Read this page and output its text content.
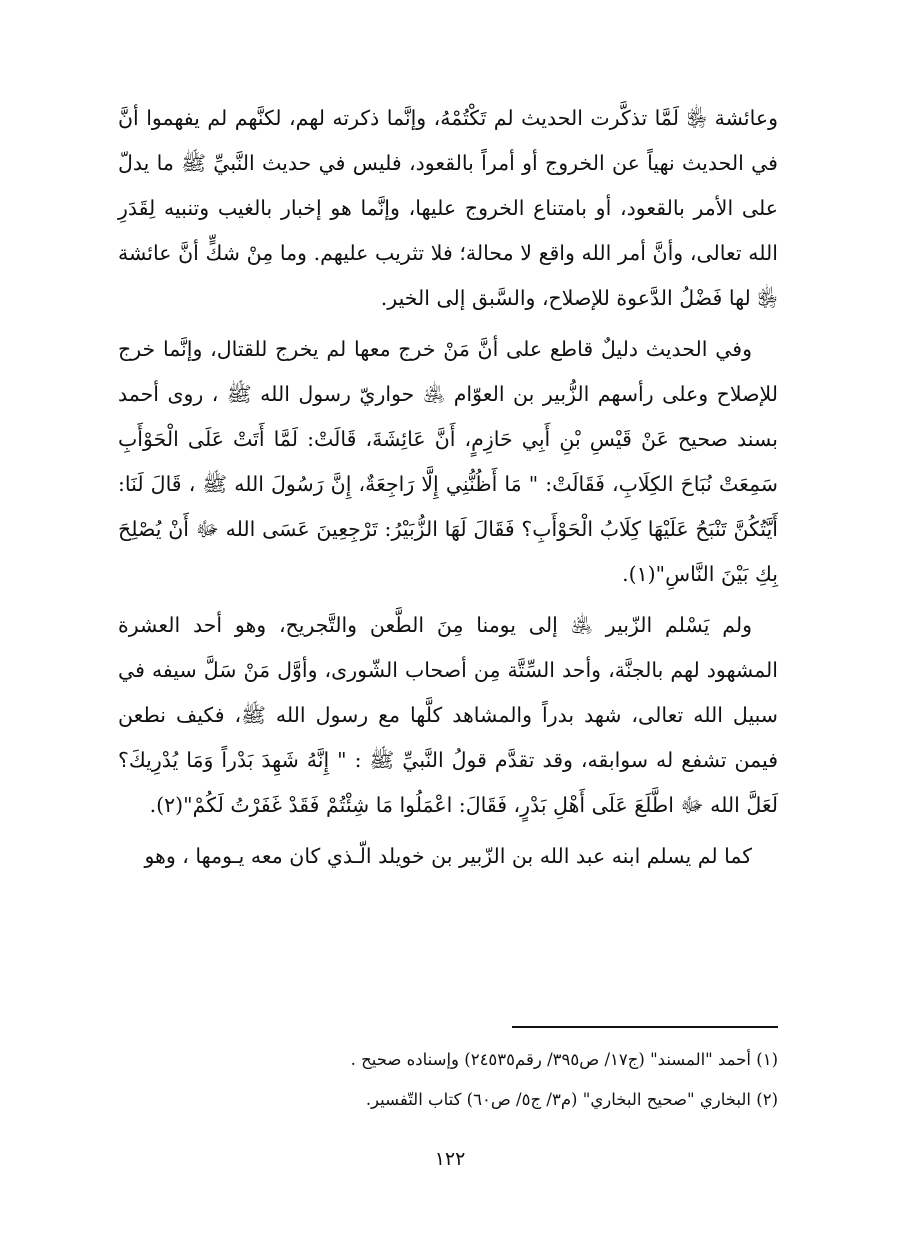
وعائشة ﵂ لَمَّا تذكَّرت الحديث لم تَكْتُمْهُ، وإنَّما ذكرته لهم، لكنَّهم لم يفهموا أنَّ في الحديث نهياً عن الخروج أو أمراً بالقعود، فليس في حديث النَّبيِّ ﷺ ما يدلّ على الأمر بالقعود، أو بامتناع الخروج عليها، وإنَّما هو إخبار بالغيب وتنبيه لِقَدَرِ الله تعالى، وأنَّ أمر الله واقع لا محالة؛ فلا تثريب عليهم. وما مِنْ شكٍّ أنَّ عائشة ﵂ لها فَضْلُ الدَّعوة للإصلاح، والسَّبق إلى الخير.

وفي الحديث دليلٌ قاطع على أنَّ مَنْ خرج معها لم يخرج للقتال، وإنَّما خرج للإصلاح وعلى رأسهم الزُّبير بن العوّام ﵁ حواريّ رسول الله ﷺ ، روى أحمد بسند صحيح عَنْ قَيْسِ بْنِ أَبِي حَازِمٍ، أَنَّ عَائِشَةَ، قَالَتْ: لَمَّا أَتَتْ عَلَى الْحَوْأَبِ سَمِعَتْ نُبَاحَ الكِلَابِ، فَقَالَتْ: " مَا أَظُنُّنِي إِلَّا رَاجِعَةٌ، إِنَّ رَسُولَ الله ﷺ ، قَالَ لَنَا: أَيَّتُكُنَّ تَنْبَحُ عَلَيْهَا كِلَابُ الْحَوْأَبِ؟ فَقَالَ لَهَا الزُّبَيْرُ: تَرْجِعِينَ عَسَى الله ﷻ أَنْ يُصْلِحَ بِكِ بَيْنَ النَّاسِ"(١).

ولم يَسْلم الزّبير ﵁ إلى يومنا مِنَ الطَّعن والتَّجريح، وهو أحد العشرة المشهود لهم بالجنَّة، وأحد السِّتَّة مِن أصحاب الشّورى، وأوَّل مَنْ سَلَّ سيفه في سبيل الله تعالى، شهد بدراً والمشاهد كلَّها مع رسول الله ﷺ، فكيف نطعن فيمن تشفع له سوابقه، وقد تقدَّم قولُ النَّبيِّ ﷺ : " إِنَّهُ شَهِدَ بَدْراً وَمَا يُدْرِيكَ؟ لَعَلَّ الله ﷻ اطَّلَعَ عَلَى أَهْلِ بَدْرٍ، فَقَالَ: اعْمَلُوا مَا شِئْتُمْ فَقَدْ غَفَرْتُ لَكُمْ"(٢).

كما لم يسلم ابنه عبد الله بن الزّبير بن خويلد الّـذي كان معه يـومها ، وهو

(١) أحمد "المسند" (ج١٧/ ص٣٩٥/ رقم٢٤٥٣٥) وإسناده صحيح .

(٢) البخاري "صحيح البخاري" (م٣/ ج٥/ ص٦٠) كتاب التّفسير.

١٢٢
